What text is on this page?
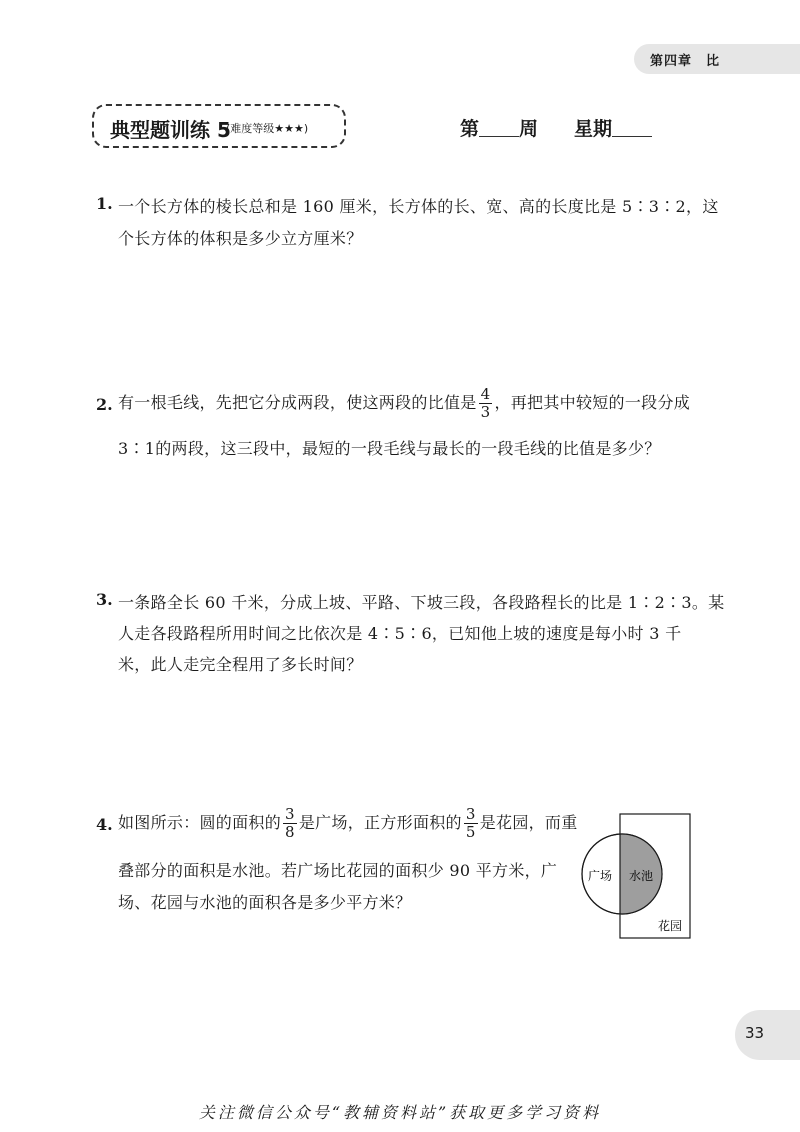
第四章　比
典型题训练 5
(难度等级★★★)	第 周 星期
1. 一个长方体的棱长总和是 160 厘米，长方体的长、宽、高的长度比是 5∶3∶2，这
个长方体的体积是多少立方厘米？
2. 有一根毛线，先把它分成两段，使这两段的比值是 $\frac{4}{3}$ ，再把其中较短的一段分成
3∶1的两段，这三段中，最短的一段毛线与最长的一段毛线的比值是多少？
3. 一条路全长 60 千米，分成上坡、平路、下坡三段，各段路程长的比是 1∶2∶3。某
人走各段路程所用时间之比依次是 4∶5∶6，已知他上坡的速度是每小时 3 千
米，此人走完全程用了多长时间？
4. 如图所示：圆的面积的 $\frac{3}{8}$ 是广场，正方形面积的 $\frac{3}{5}$ 是花园，而重
叠部分的面积是水池。若广场比花园的面积少 90 平方米，广
场、花园与水池的面积各是多少平方米？
广场 水池
花园
33
关注微信公众号“教辅资料站”获取更多学习资料
